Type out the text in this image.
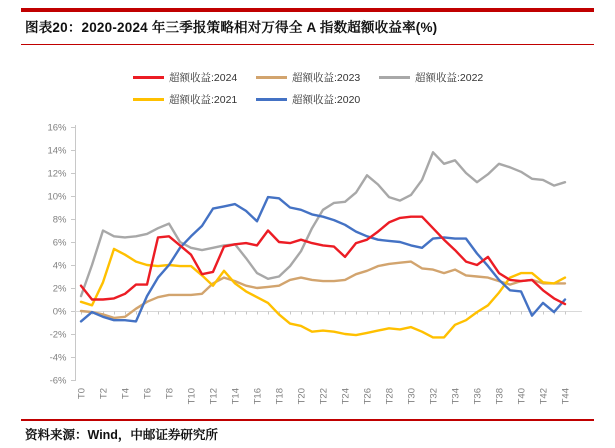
图表20：2020-2024 年三季报策略相对万得全 A 指数超额收益率(%)
超额收益:2024	超额收益:2023	超额收益:2022
超额收益:2021	超额收益:2020
16%
14%
12%
10%
8%
6%
4%
2%
0%
-2%
-4%
-6%
T0 T2 T4 T6 T8 T10 T12 T14 T16 T18 T20 T22 T24 T26 T28 T30 T32 T34 T36 T38 T40 T42 T44
资料来源：Wind，中邮证券研究所
